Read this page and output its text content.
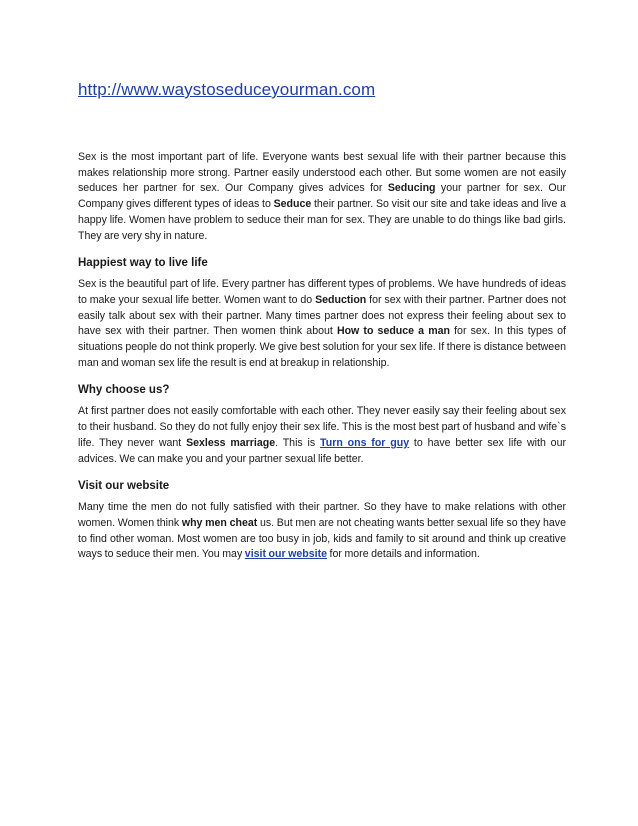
http://www.waystoseduceyourman.com

Sex is the most important part of life. Everyone wants best sexual life with their partner because this makes relationship more strong. Partner easily understood each other. But some women are not easily seduces her partner for sex. Our Company gives advices for Seducing your partner for sex. Our Company gives different types of ideas to Seduce their partner. So visit our site and take ideas and live a happy life. Women have problem to seduce their man for sex. They are unable to do things like bad girls. They are very shy in nature.

Happiest way to live life

Sex is the beautiful part of life. Every partner has different types of problems. We have hundreds of ideas to make your sexual life better. Women want to do Seduction for sex with their partner. Partner does not easily talk about sex with their partner. Many times partner does not express their feeling about sex to have sex with their partner. Then women think about How to seduce a man for sex. In this types of situations people do not think properly. We give best solution for your sex life. If there is distance between man and woman sex life the result is end at breakup in relationship.

Why choose us?

At first partner does not easily comfortable with each other. They never easily say their feeling about sex to their husband. So they do not fully enjoy their sex life. This is the most best part of husband and wife`s life. They never want Sexless marriage. This is Turn ons for guy to have better sex life with our advices. We can make you and your partner sexual life better.

Visit our website

Many time the men do not fully satisfied with their partner. So they have to make relations with other women. Women think why men cheat us. But men are not cheating wants better sexual life so they have to find other woman. Most women are too busy in job, kids and family to sit around and think up creative ways to seduce their men. You may visit our website for more details and information.
